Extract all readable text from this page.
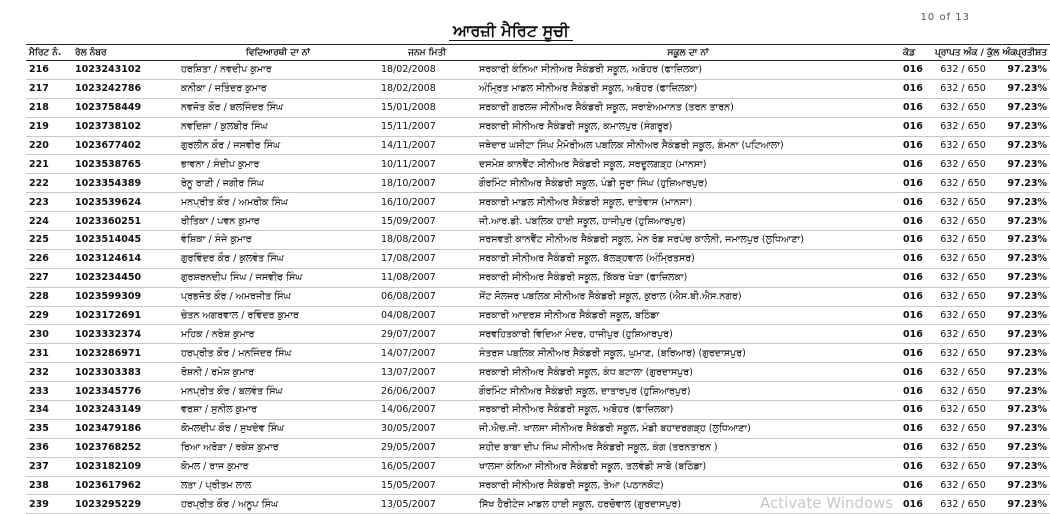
10 of 13
ਆਰਜ਼ੀ ਮੈਰਿਟ ਸੂਚੀ
ਮੈਰਿਟ ਨੰ.	ਰੋਲ ਨੰਬਰ	ਵਿਦਿਆਰਥੀ ਦਾ ਨਾਂ	ਜਨਮ ਮਿਤੀ	ਸਕੂਲ ਦਾ ਨਾਂ	ਕੋਡ	ਪ੍ਰਾਪਤ ਅੰਕ / ਕੁੱਲ ਅੰਕ	ਪ੍ਰਤੀਸ਼ਤ
216	1023243102	ਹਰਸ਼ਿਤਾ / ਨਵਦੀਪ ਕੁਮਾਰ	18/02/2008	ਸਰਕਾਰੀ ਕੰਨਿਆ ਸੀਨੀਅਰ ਸੈਕੰਡਰੀ ਸਕੂਲ, ਅਬੋਹਰ (ਫਾਜ਼ਿਲਕਾ)	016	632 / 650	97.23%
217	1023242786	ਕਨੀਕਾ / ਜਤਿੰਦਰ ਕੁਮਾਰ	18/02/2008	ਅੰਮ੍ਰਿਤ ਮਾਡਲ ਸੀਨੀਅਰ ਸੈਕੰਡਰੀ ਸਕੂਲ, ਅਬੋਹਰ (ਫਾਜ਼ਿਲਕਾ)	016	632 / 650	97.23%
218	1023758449	ਨਵਜੋਤ ਕੌਰ / ਬਲਜਿੰਦਰ ਸਿੰਘ	15/01/2008	ਸਰਕਾਰੀ ਗਰਲਜ਼ ਸੀਨੀਅਰ ਸੈਕੰਡਰੀ ਸਕੂਲ, ਸਰਾਏਅਮਾਨਤ (ਤਰਨ ਤਾਰਨ)	016	632 / 650	97.23%
219	1023738102	ਨਵਦਿਸ਼ਾ / ਕੁਲਬੀਰ ਸਿੰਘ	15/11/2007	ਸਰਕਾਰੀ ਸੀਨੀਅਰ ਸੈਕੰਡਰੀ ਸਕੂਲ, ਕਮਾਲਪੁਰ (ਸੰਗਰੂਰ)	016	632 / 650	97.23%
220	1023677402	ਗੁਰਲੀਨ ਕੌਰ / ਜਸਵੀਰ ਸਿੰਘ	14/11/2007	ਜਥੇਦਾਰ ਘਸੀਟਾ ਸਿੰਘ ਮੈਮੋਰੀਅਲ ਪਬਲਿਕ ਸੀਨੀਅਰ ਸੈਕੰਡਰੀ ਸਕੂਲ, ਬੰਮਨਾ (ਪਟਿਆਲਾ)	016	632 / 650	97.23%
221	1023538765	ਭਾਵਨਾ / ਸੰਦੀਪ ਕੁਮਾਰ	10/11/2007	ਦਸਮੇਸ਼ ਕਾਨਵੈਂਟ ਸੀਨੀਅਰ ਸੈਕੰਡਰੀ ਸਕੂਲ, ਸਰਦੂਲਗੜ੍ਹ (ਮਾਨਸਾ)	016	632 / 650	97.23%
222	1023354389	ਰੇਨੂ ਰਾਣੀ / ਜਗੀਰ ਸਿੰਘ	18/10/2007	ਗੌਰਮਿੰਟ ਸੀਨੀਅਰ ਸੈਕੰਡਰੀ ਸਕੂਲ, ਪੰਡੀ ਸੂਰਾ ਸਿੰਘ (ਹੁਸ਼ਿਆਰਪੁਰ)	016	632 / 650	97.23%
223	1023539624	ਮਨਪ੍ਰੀਤ ਕੌਰ / ਅਮਰੀਕ ਸਿੰਘ	16/10/2007	ਸਰਕਾਰੀ ਮਾਡਲ ਸੀਨੀਅਰ ਸੈਕੰਡਰੀ ਸਕੂਲ, ਦਾਤੇਵਾਸ (ਮਾਨਸਾ)	016	632 / 650	97.23%
224	1023360251	ਰੀਤਿਕਾ / ਪਵਨ ਕੁਮਾਰ	15/09/2007	ਜੀ.ਆਰ.ਡੀ. ਪਬਲਿਕ ਹਾਈ ਸਕੂਲ, ਹਾਜੀਪੁਰ (ਹੁਸ਼ਿਆਰਪੁਰ)	016	632 / 650	97.23%
225	1023514045	ਵੰਸ਼ਿਕਾ / ਸੰਜੇ ਕੁਮਾਰ	18/08/2007	ਸਰਸਵਤੀ ਕਾਨਵੈਂਟ ਸੀਨੀਅਰ ਸੈਕੰਡਰੀ ਸਕੂਲ, ਮੇਨ ਰੋਡ ਸਰਪੰਚ ਕਾਲੋਨੀ, ਜਮਾਲਪੁਰ (ਲੁਧਿਆਣਾ)	016	632 / 650	97.23%
226	1023124614	ਗੁਰਵਿੰਦਰ ਕੌਰ / ਕੁਲਵੰਤ ਸਿੰਘ	17/08/2007	ਸਰਕਾਰੀ ਸੀਨੀਅਰ ਸੈਕੰਡਰੀ ਸਕੂਲ, ਬੱਲੜ੍ਹਵਾਲ (ਅੰਮ੍ਰਿਤਸਰ)	016	632 / 650	97.23%
227	1023234450	ਗੁਰਸ਼ਰਨਦੀਪ ਸਿੰਘ / ਜਸਵੀਰ ਸਿੰਘ	11/08/2007	ਸਰਕਾਰੀ ਸੀਨੀਅਰ ਸੈਕੰਡਰੀ ਸਕੂਲ, ਕਿੱਕਰ ਖੇੜਾ (ਫਾਜ਼ਿਲਕਾ)	016	632 / 650	97.23%
228	1023599309	ਪ੍ਰਭਜੋਤ ਕੌਰ / ਅਮਰਜੀਤ ਸਿੰਘ	06/08/2007	ਸੇਂਟ ਸੋਲਜਰ ਪਬਲਿਕ ਸੀਨੀਅਰ ਸੈਕੰਡਰੀ ਸਕੂਲ, ਕੁਰਾਲ (ਐਸ.ਬੀ.ਐਸ.ਨਗਰ)	016	632 / 650	97.23%
229	1023172691	ਚੇਤਨ ਅਗਰਵਾਲ / ਰਵਿੰਦਰ ਕੁਮਾਰ	04/08/2007	ਸਰਕਾਰੀ ਆਦਰਸ਼ ਸੀਨੀਅਰ ਸੈਕੰਡਰੀ ਸਕੂਲ, ਬਠਿੰਡਾ	016	632 / 650	97.23%
230	1023332374	ਮਹਿਕ / ਨਰੇਸ਼ ਕੁਮਾਰ	29/07/2007	ਸਰਵਹਿਤਕਾਰੀ ਵਿਦਿਆ ਮੰਦਰ, ਹਾਜੀਪੁਰ (ਹੁਸ਼ਿਆਰਪੁਰ)	016	632 / 650	97.23%
231	1023286971	ਹਰਪ੍ਰੀਤ ਕੌਰ / ਮਨਜਿੰਦਰ ਸਿੰਘ	14/07/2007	ਸੰਤਰਸ ਪਬਲਿਕ ਸੀਨੀਅਰ ਸੈਕੰਡਰੀ ਸਕੂਲ, ਘੁਮਾਣ, (ਬਰਿਆਰ) (ਗੁਰਦਾਸਪੁਰ)	016	632 / 650	97.23%
232	1023303383	ਰੋਸ਼ਨੀ / ਰਮੇਸ਼ ਕੁਮਾਰ	13/07/2007	ਸਰਕਾਰੀ ਸੀਨੀਅਰ ਸੈਕੰਡਰੀ ਸਕੂਲ, ਕੰਧ ਬਟਾਲਾ (ਗੁਰਦਾਸਪੁਰ)	016	632 / 650	97.23%
233	1023345776	ਮਨਪ੍ਰੀਤ ਕੌਰ / ਬਲਵੰਤ ਸਿੰਘ	26/06/2007	ਗੌਰਮਿੰਟ ਸੀਨੀਅਰ ਸੈਕੰਡਰੀ ਸਕੂਲ, ਦਾਤਾਰਪੁਰ (ਹੁਸ਼ਿਆਰਪੁਰ)	016	632 / 650	97.23%
234	1023243149	ਵਰਸ਼ਾ / ਸੁਨੀਲ ਕੁਮਾਰ	14/06/2007	ਸਰਕਾਰੀ ਸੀਨੀਅਰ ਸੈਕੰਡਰੀ ਸਕੂਲ, ਅਬੋਹਰ (ਫਾਜ਼ਿਲਕਾ)	016	632 / 650	97.23%
235	1023479186	ਕੋਮਲਦੀਪ ਕੌਰ / ਸੁਖਦੇਵ ਸਿੰਘ	30/05/2007	ਜੀ.ਐਚ.ਜੀ. ਖਾਲਸਾ ਸੀਨੀਅਰ ਸੈਕੰਡਰੀ ਸਕੂਲ, ਮੰਡੀ ਬਹਾਦਰਗੜ੍ਹ (ਲੁਧਿਆਣਾ)	016	632 / 650	97.23%
236	1023768252	ਰਿਆ ਅਰੋੜਾ / ਰਕੇਸ਼ ਕੁਮਾਰ	29/05/2007	ਸ਼ਹੀਦ ਬਾਬਾ ਦੀਪ ਸਿੰਘ ਸੀਨੀਅਰ ਸੈਕੰਡਰੀ ਸਕੂਲ, ਕੰਗ (ਤਰਨਤਾਰਨ )	016	632 / 650	97.23%
237	1023182109	ਕੋਮਲ / ਰਾਜ ਕੁਮਾਰ	16/05/2007	ਖਾਲਸਾ ਕੰਨਿਆ ਸੀਨੀਅਰ ਸੈਕੰਡਰੀ ਸਕੂਲ, ਤਲਵੰਡੀ ਸਾਬੋ (ਬਠਿੰਡਾ)	016	632 / 650	97.23%
238	1023617962	ਲਤਾ / ਪ੍ਰੀਤਮ ਲਾਲ	15/05/2007	ਸਰਕਾਰੀ ਸੀਨੀਅਰ ਸੈਕੰਡਰੀ ਸਕੂਲ, ਤੇਆ (ਪਠਾਨਕੋਟ)	016	632 / 650	97.23%
239	1023295229	ਹਰਪ੍ਰੀਤ ਕੌਰ / ਅਨੂਪ ਸਿੰਘ	13/05/2007	ਸਿੱਖ ਹੈਰੀਟੇਜ ਮਾਡਲ ਹਾਈ ਸਕੂਲ, ਹਰਚੋਵਾਲ (ਗੁਰਦਾਸਪੁਰ)	016	632 / 650	97.23%
Activate Windows
